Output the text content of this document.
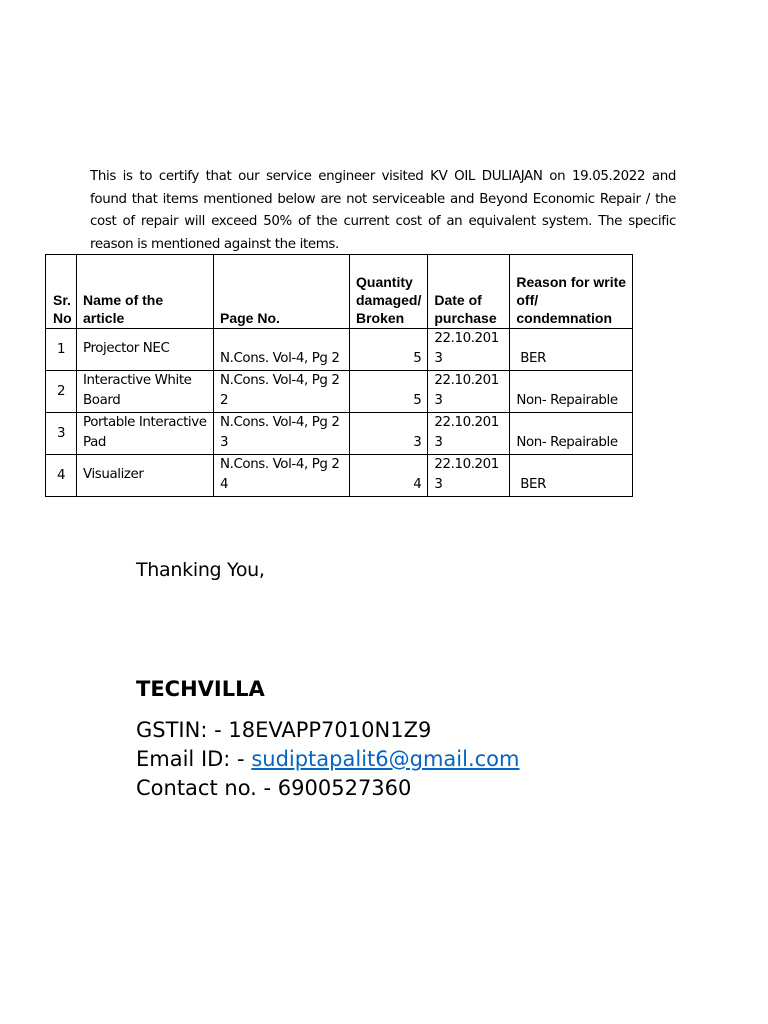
This is to certify that our service engineer visited KV OIL DULIAJAN on 19.05.2022 and found that items mentioned below are not serviceable and Beyond Economic Repair / the cost of repair will exceed 50% of the current cost of an equivalent system. The specific reason is mentioned against the items.

Sr. No	Name of the article	Page No.	Quantity damaged/ Broken	Date of purchase	Reason for write off/ condemnation
1	Projector NEC	N.Cons. Vol-4, Pg 2	5	22.10.2013	BER
2	Interactive White Board	N.Cons. Vol-4, Pg 22	5	22.10.2013	Non- Repairable
3	Portable Interactive Pad	N.Cons. Vol-4, Pg 23	3	22.10.2013	Non- Repairable
4	Visualizer	N.Cons. Vol-4, Pg 24	4	22.10.2013	BER
Thanking You,
TECHVILLA
GSTIN: - 18EVAPP7010N1Z9
Email ID: - sudiptapalit6@gmail.com
Contact no. - 6900527360
